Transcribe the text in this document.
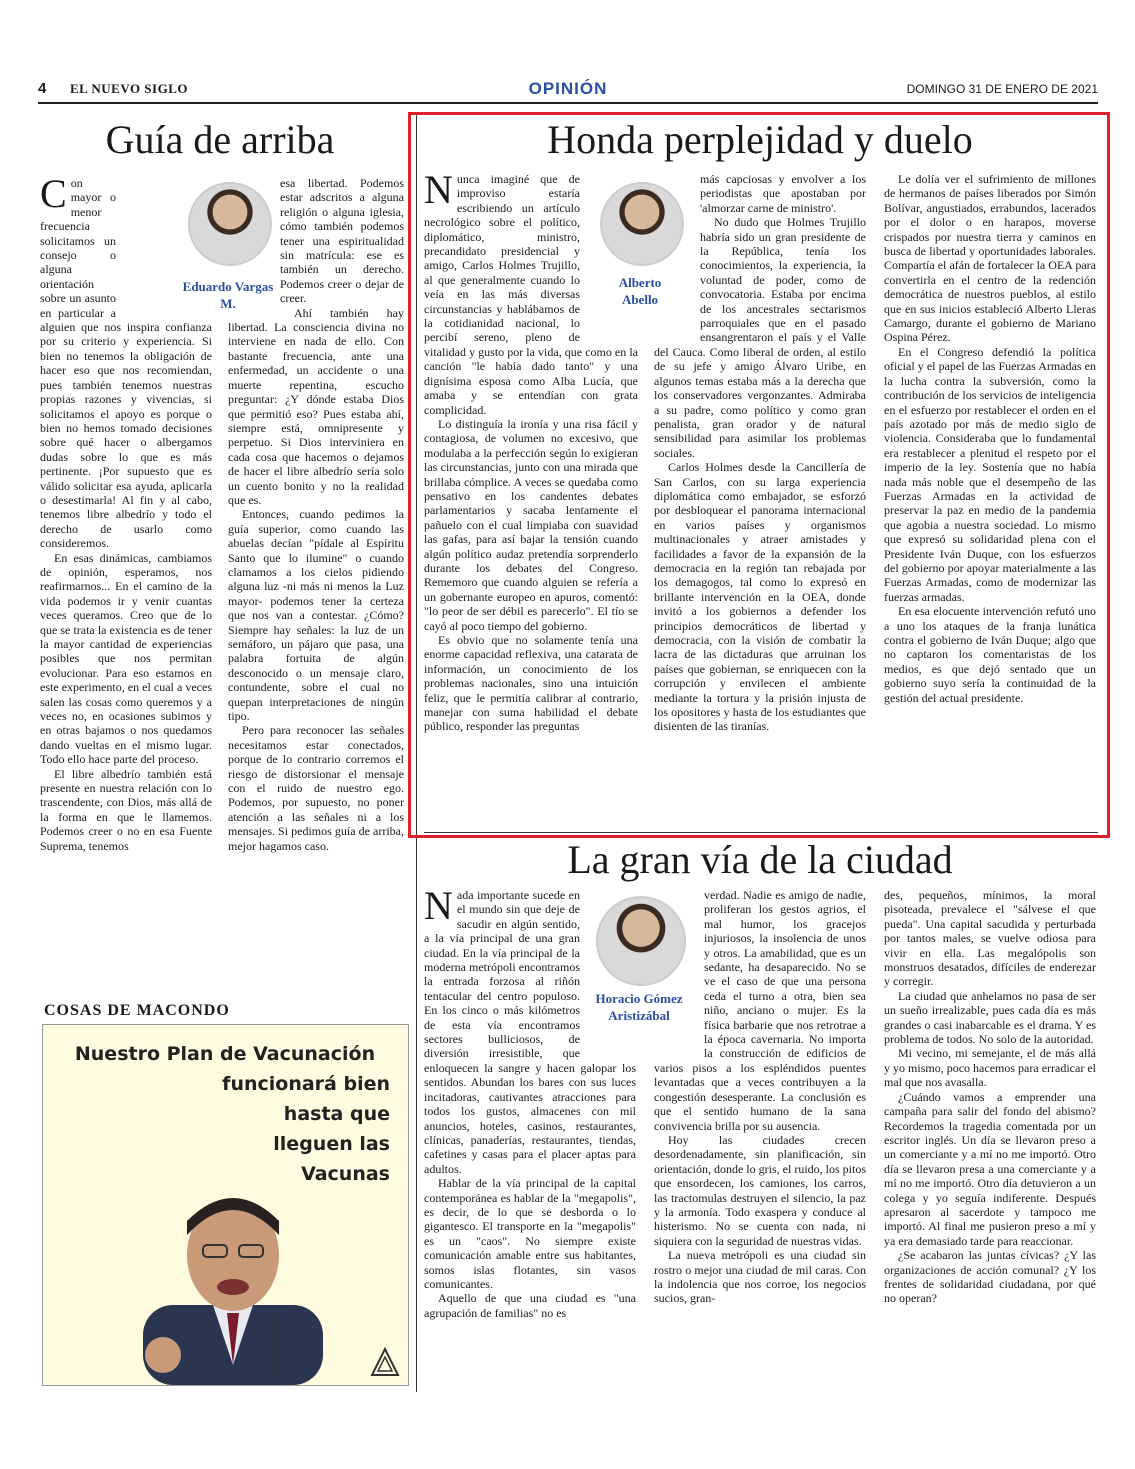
4 EL NUEVO SIGLO	OPINIÓN	DOMINGO 31 DE ENERO DE 2021
Guía de arriba
Eduardo Vargas M.

Con mayor o menor frecuencia solicitamos un consejo o alguna orientación sobre un asunto en particular a alguien que nos inspira confianza por su criterio y experiencia. Si bien no tenemos la obligación de hacer eso que nos recomiendan, pues también tenemos nuestras propias razones y vivencias, si solicitamos el apoyo es porque o bien no hemos tomado decisiones sobre qué hacer o albergamos dudas sobre lo que es más pertinente. ¡Por supuesto que es válido solicitar esa ayuda, aplicarla o desestimarla! Al fin y al cabo, tenemos libre albedrío y todo el derecho de usarlo como consideremos.

En esas dinámicas, cambiamos de opinión, esperamos, nos reafirmarnos... En el camino de la vida podemos ir y venir cuantas veces queramos. Creo que de lo que se trata la existencia es de tener la mayor cantidad de experiencias posibles que nos permitan evolucionar. Para eso estamos en este experimento, en el cual a veces salen las cosas como queremos y a veces no, en ocasiones subimos y en otras bajamos o nos quedamos dando vueltas en el mismo lugar. Todo ello hace parte del proceso.

El libre albedrío también está presente en nuestra relación con lo trascendente, con Dios, más allá de la forma en que le llamemos. Podemos creer o no en esa Fuente Suprema, tenemos

esa libertad. Podemos estar adscritos a alguna religión o alguna iglesia, cómo también podemos tener una espiritualidad sin matrícula: ese es también un derecho. Podemos creer o dejar de creer.

Ahí también hay libertad. La consciencia divina no interviene en nada de ello. Con bastante frecuencia, ante una enfermedad, un accidente o una muerte repentina, escucho preguntar: ¿Y dónde estaba Dios que permitió eso? Pues estaba ahí, siempre está, omnipresente y perpetuo. Si Dios interviniera en cada cosa que hacemos o dejamos de hacer el libre albedrío sería solo un cuento bonito y no la realidad que es.

Entonces, cuando pedimos la guía superior, como cuando las abuelas decían "pídale al Espíritu Santo que lo ilumine" o cuando clamamos a los cielos pidiendo alguna luz -ni más ni menos la Luz mayor- podemos tener la certeza que nos van a contestar. ¿Cómo? Siempre hay señales: la luz de un semáforo, un pájaro que pasa, una palabra fortuita de algún desconocido o un mensaje claro, contundente, sobre el cual no quepan interpretaciones de ningún tipo.

Pero para reconocer las señales necesitamos estar conectados, porque de lo contrario corremos el riesgo de distorsionar el mensaje con el ruido de nuestro ego. Podemos, por supuesto, no poner atención a las señales ni a los mensajes. Si pedimos guía de arriba, mejor hagamos caso.

COSAS DE MACONDO
Nuestro Plan de Vacunación
funcionará bien
hasta que
lleguen las
Vacunas
Honda perplejidad y duelo
Alberto Abello

Nunca imaginé que de improviso estaría escribiendo un artículo necrológico sobre el político, diplomático, ministro, precandidato presidencial y amigo, Carlos Holmes Trujillo, al que generalmente cuando lo veía en las más diversas circunstancias y hablábamos de la cotidianidad nacional, lo percibí sereno, pleno de vitalidad y gusto por la vida, que como en la canción "le había dado tanto" y una dignísima esposa como Alba Lucía, que amaba y se entendían con grata complicidad.

Lo distinguía la ironía y una risa fácil y contagiosa, de volumen no excesivo, que modulaba a la perfección según lo exigieran las circunstancias, junto con una mirada que brillaba cómplice. A veces se quedaba como pensativo en los candentes debates parlamentarios y sacaba lentamente el pañuelo con el cual limpiaba con suavidad las gafas, para así bajar la tensión cuando algún político audaz pretendía sorprenderlo durante los debates del Congreso. Rememoro que cuando alguien se refería a un gobernante europeo en apuros, comentó: "lo peor de ser débil es parecerlo". El tío se cayó al poco tiempo del gobierno.

Es obvio que no solamente tenía una enorme capacidad reflexiva, una catarata de información, un conocimiento de los problemas nacionales, sino una intuición feliz, que le permitía calibrar al contrario, manejar con suma habilidad el debate público, responder las preguntas

más capciosas y envolver a los periodistas que apostaban por 'almorzar carne de ministro'.

No dudo que Holmes Trujillo habría sido un gran presidente de la República, tenía los conocimientos, la experiencia, la voluntad de poder, como de convocatoria. Estaba por encima de los ancestrales sectarismos parroquiales que en el pasado ensangrentaron el país y el Valle del Cauca. Como liberal de orden, al estilo de su jefe y amigo Álvaro Uribe, en algunos temas estaba más a la derecha que los conservadores vergonzantes. Admiraba a su padre, como político y como gran penalista, gran orador y de natural sensibilidad para asimilar los problemas sociales.

Carlos Holmes desde la Cancillería de San Carlos, con su larga experiencia diplomática como embajador, se esforzó por desbloquear el panorama internacional en varios países y organismos multinacionales y atraer amistades y facilidades a favor de la expansión de la democracia en la región tan rebajada por los demagogos, tal como lo expresó en brillante intervención en la OEA, donde invitó a los gobiernos a defender los principios democráticos de libertad y democracia, con la visión de combatir la lacra de las dictaduras que arruinan los países que gobiernan, se enriquecen con la corrupción y envilecen el ambiente mediante la tortura y la prisión injusta de los opositores y hasta de los estudiantes que disienten de las tiranías.

Le dolía ver el sufrimiento de millones de hermanos de países liberados por Simón Bolívar, angustiados, errabundos, lacerados por el dolor o en harapos, moverse crispados por nuestra tierra y caminos en busca de libertad y oportunidades laborales. Compartía el afán de fortalecer la OEA para convertirla en el centro de la redención democrática de nuestros pueblos, al estilo que en sus inicios estableció Alberto Lleras Camargo, durante el gobierno de Mariano Ospina Pérez.

En el Congreso defendió la política oficial y el papel de las Fuerzas Armadas en la lucha contra la subversión, como la contribución de los servicios de inteligencia en el esfuerzo por restablecer el orden en el país azotado por más de medio siglo de violencia. Consideraba que lo fundamental era restablecer a plenitud el respeto por el imperio de la ley. Sostenía que no había nada más noble que el desempeño de las Fuerzas Armadas en la actividad de preservar la paz en medio de la pandemia que agobia a nuestra sociedad. Lo mismo que expresó su solidaridad plena con el Presidente Iván Duque, con los esfuerzos del gobierno por apoyar materialmente a las Fuerzas Armadas, como de modernizar las fuerzas armadas.

En esa elocuente intervención refutó uno a uno los ataques de la franja lunática contra el gobierno de Iván Duque; algo que no captaron los comentaristas de los medios, es que dejó sentado que un gobierno suyo sería la continuidad de la gestión del actual presidente.

La gran vía de la ciudad
Horacio Gómez Aristizábal

Nada importante sucede en el mundo sin que deje de sacudir en algún sentido, a la vía principal de una gran ciudad. En la vía principal de la moderna metrópoli encontramos la entrada forzosa al riñón tentacular del centro populoso. En los cinco o más kilómetros de esta vía encontramos sectores bulliciosos, de diversión irresistible, que enloquecen la sangre y hacen galopar los sentidos. Abundan los bares con sus luces incitadoras, cautivantes atracciones para todos los gustos, almacenes con mil anuncios, hoteles, casinos, restaurantes, clínicas, panaderías, restaurantes, tiendas, cafetines y casas para el placer aptas para adultos.

Hablar de la vía principal de la capital contemporánea es hablar de la "megapolis", es decir, de lo que se desborda o lo gigantesco. El transporte en la "megapolis" es un "caos". No siempre existe comunicación amable entre sus habitantes, somos islas flotantes, sin vasos comunicantes.

Aquello de que una ciudad es "una agrupación de familias" no es

verdad. Nadie es amigo de nadie, proliferan los gestos agrios, el mal humor, los gracejos injuriosos, la insolencia de unos y otros. La amabilidad, que es un sedante, ha desaparecido. No se ve el caso de que una persona ceda el turno a otra, bien sea niño, anciano o mujer. Es la física barbarie que nos retrotrae a la época cavernaria. No importa la construcción de edificios de varios pisos a los espléndidos puentes levantadas que a veces contribuyen a la congestión desesperante. La conclusión es que el sentido humano de la sana convivencia brilla por su ausencia.

Hoy las ciudades crecen desordenadamente, sin planificación, sin orientación, donde lo gris, el ruido, los pitos que ensordecen, los camiones, los carros, las tractomulas destruyen el silencio, la paz y la armonía. Todo exaspera y conduce al histerismo. No se cuenta con nada, ni siquiera con la seguridad de nuestras vidas.

La nueva metrópoli es una ciudad sin rostro o mejor una ciudad de mil caras. Con la indolencia que nos corroe, los negocios sucios, gran-

des, pequeños, mínimos, la moral pisoteada, prevalece el "sálvese el que pueda". Una capital sacudida y perturbada por tantos males, se vuelve odiosa para vivir en ella. Las megalópolis son monstruos desatados, difíciles de enderezar y corregir.

La ciudad que anhelamos no pasa de ser un sueño irrealizable, pues cada día es más grandes o casi inabarcable es el drama. Y es problema de todos. No solo de la autoridad.

Mi vecino, mi semejante, el de más allá y yo mismo, poco hacemos para erradicar el mal que nos avasalla.

¿Cuándo vamos a emprender una campaña para salir del fondo del abismo? Recordemos la tragedia comentada por un escritor inglés. Un día se llevaron preso a un comerciante y a mí no me importó. Otro día se llevaron presa a una comerciante y a mí no me importó. Otro día detuvieron a un colega y yo seguía indiferente. Después apresaron al sacerdote y tampoco me importó. Al final me pusieron preso a mí y ya era demasiado tarde para reaccionar.

¿Se acabaron las juntas cívicas? ¿Y las organizaciones de acción comunal? ¿Y los frentes de solidaridad ciudadana, por qué no operan?
